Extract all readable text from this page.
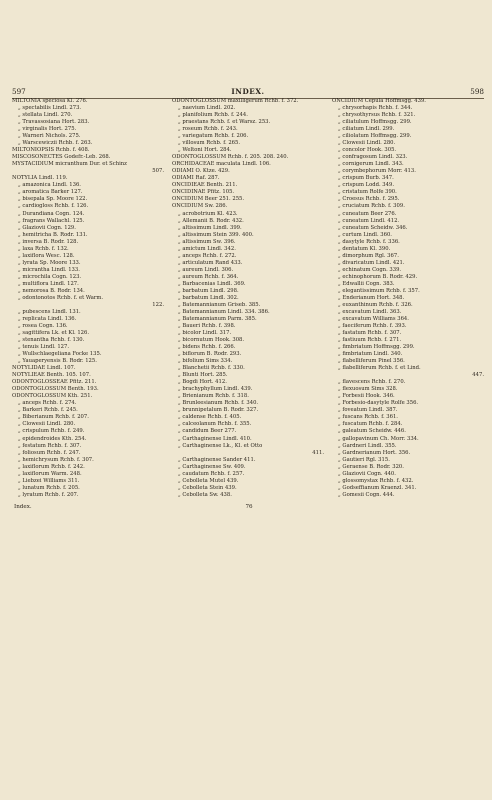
597	INDEX.	598
MILTONIA speciosa Kl. 276.
„ spectabilis Lindl. 273.
„ stellata Lindl. 270.
„ Travassosiana Hort. 283.
„ virginalis Hort. 275.
„ Warneri Nichols. 275.
„ Warscewiczii Rchb. f. 263.
MILTONIOPSIS Rchb. f. 408.
MISCOSONECTES Godefr.-Leb. 268.
MYSTACIDIUM micranthum Dur. et Schinz
507.
NOTYLIA Lindl. 119.
„ amazonica Lindl. 136.
„ aromatica Barker 127.
„ bisepala Sp. Moore 122.
„ cardiogloss Rchb. f. 126.
„ Durandiana Cogn. 124.
„ fragrans Wallachl. 125.
„ Glaziovii Cogn. 129.
„ hemitricha B. Rodr. 131.
„ inversa B. Rodr. 128.
„ laxa Rchb. f. 132.
„ laxiflora Wesc. 128.
„ lyrata Sp. Moore 133.
„ micrantha Lindl. 133.
„ microchila Cogn. 123.
„ multiflora Lindl. 127.
„ nemorosa B. Rodr. 134.
„ odontonotos Rchb. f. et Warm.
122.
„ pubescens Lindl. 131.
„ replicata Lindl. 136.
„ rosea Cogn. 136.
„ sagittifera Lk. et Kl. 126.
„ stenantha Rchb. f. 130.
„ tenuis Lindl. 127.
„ Wullschlaegeliana Focke 135.
„ Yauaperyensis B. Rodr. 125.
NOTYLIDAE Lindl. 107.
NOTYLIEAE Benth. 105. 107.
ODONTOGLOSSEAE Pfitz. 211.
ODONTOGLOSSUM Benth. 193.
ODONTOGLOSSUM Kth. 251.
„ anceps Rchb. f. 274.
„ Barkeri Rchb. f. 245.
„ Biberianum Rchb. f. 207.
„ Clowesii Lindl. 280.
„ crispulum Rchb. f. 249.
„ epidendroides Kth. 254.
„ festatum Rchb. f. 307.
„ foliosum Rchb. f. 247.
„ hemichrysum Rchb. f. 307.
„ laxiflorum Rchb. f. 242.
„ laxiflorum Warm. 248.
„ Liebzei Williams 311.
„ lunatum Rchb. f. 205.
„ lyratum Rchb. f. 207.
ODONTOGLOSSUM maxilligerum Rchb. f. 372.
„ naevium Lindl. 202.
„ planifolium Rchb. f. 244.
„ praestans Rchb. f. et Warsz. 253.
„ roseum Rchb. f. 243.
„ variegatum Rchb. f. 206.
„ villosum Rchb. f. 265.
„ Weltoni Hort. 284.
ODONTOGLOSSUM Rchb. f. 205. 208. 240.
ORCHIDACEAE maculata Lindl. 106.
ODIAMI O. Ktze. 429.
ODIAMI Raf. 287.
ONCIDIEAE Benth. 211.
ONCIDINAE Pfitz. 105.
ONCIDIUM Beer 251. 255.
ONCIDIUM Sw. 286.
„ acrobotrium Kl. 423.
„ Allemanii B. Rodr. 432.
„ altissimum Lindl. 399.
„ altissimum Stein 399. 400.
„ altissimum Sw. 396.
„ amictum Lindl. 342.
„ anceps Rchb. f. 272.
„ articulatum Rand 433.
„ aureum Lindl. 306.
„ aureum Rchb. f. 364.
„ Barbacenias Lindl. 369.
„ barbatum Lindl. 298.
„ barbatum Lindl. 302.
„ Batemannianum Griseb. 385.
„ Batemannianum Lindl. 334. 386.
„ Batemannianum Parm. 385.
„ Baueri Rchb. f. 398.
„ bicolor Lindl. 317.
„ bicornutum Hook. 308.
„ bidens Rchb. f. 266.
„ biflorum B. Rodr. 293.
„ bifolium Sims 334.
„ Blanchetii Rchb. f. 330.
„ Blunti Hort. 285.
„ Bogdi Hort. 412.
„ brachyphyllum Lindl. 439.
„ Brienianum Rchb. f. 318.
„ Brunleesianum Rchb. f. 340.
„ brunnipetalum B. Rodr. 327.
„ caldense Rchb. f. 405.
„ calceolanum Rchb. f. 355.
„ candidum Beer 277.
„ Carthaginense Lindl. 410.
„ Carthaginense Lk., Kl. et Otto
411.
„ Carthaginense Sander 411.
„ Carthaginense Sw. 409.
„ caudatum Rchb. f. 257.
„ Cebolleta Mutel 439.
„ Cebolleta Stein 439.
„ Cebolleta Sw. 438.
ONCIDIUM Cepula Hoffmsgg. 439.
„ chrysorhapis Rchb. f. 344.
„ chrysothyrsus Rchb. f. 321.
„ ciliatulum Hoffmsgg. 299.
„ ciliatum Lindl. 299.
„ ciliolatum Hoffmsgg. 299.
„ Clowesii Lindl. 280.
„ concolor Hook. 305.
„ confragosum Lindl. 323.
„ cornigerum Lindl. 343.
„ corymbephorum Morr. 413.
„ crispum Burb. 347.
„ crispum Lodd. 349.
„ cristatum Rolfe 390.
„ Croesus Rchb. f. 295.
„ cruciatum Rchb. f. 309.
„ cuneatum Beer 276.
„ cuneatum Lindl. 412.
„ cuneatum Scheidw. 346.
„ curtum Lindl. 360.
„ dasytyle Rchb. f. 336.
„ dentatum Kl. 390.
„ dimorphum Rgl. 367.
„ divaricatum Lindl. 421.
„ echinatum Cogn. 339.
„ echinophorum B. Rodr. 429.
„ Edwallii Cogn. 383.
„ elegantissimum Rchb. f. 357.
„ Enderianum Hort. 348.
„ euxanthinum Rchb. f. 326.
„ excavatum Lindl. 363.
„ excavatum Williams 364.
„ faeciferum Rchb. f. 393.
„ fastatum Rchb. f. 307.
„ fastiuum Rchb. f. 271.
„ fimbriatum Hoffmsgg. 299.
„ fimbriatum Lindl. 340.
„ flabelliferum Pinel 356.
„ flabelliferum Rchb. f. et Lind.
447.
„ flavescens Rchb. f. 270.
„ flexuosum Sims 328.
„ Forbesii Hook. 346.
„ Forbesio-dasytyle Rolfe 356.
„ foveatum Lindl. 387.
„ fuscans Rchb. f. 361.
„ fuscatum Rchb. f. 284.
„ galeatum Scheidw. 446.
„ gallopavinum Ch. Morr. 334.
„ Gardneri Lindl. 355.
„ Gardnerianum Hort. 356.
„ Gautieri Rgl. 315.
„ Geraense B. Rodr. 320.
„ Glaziovii Cogn. 440.
„ glossomystax Rchb. f. 432.
„ Godseffianum Kraenzl. 341.
„ Gomesii Cogn. 444.
Index.	76
